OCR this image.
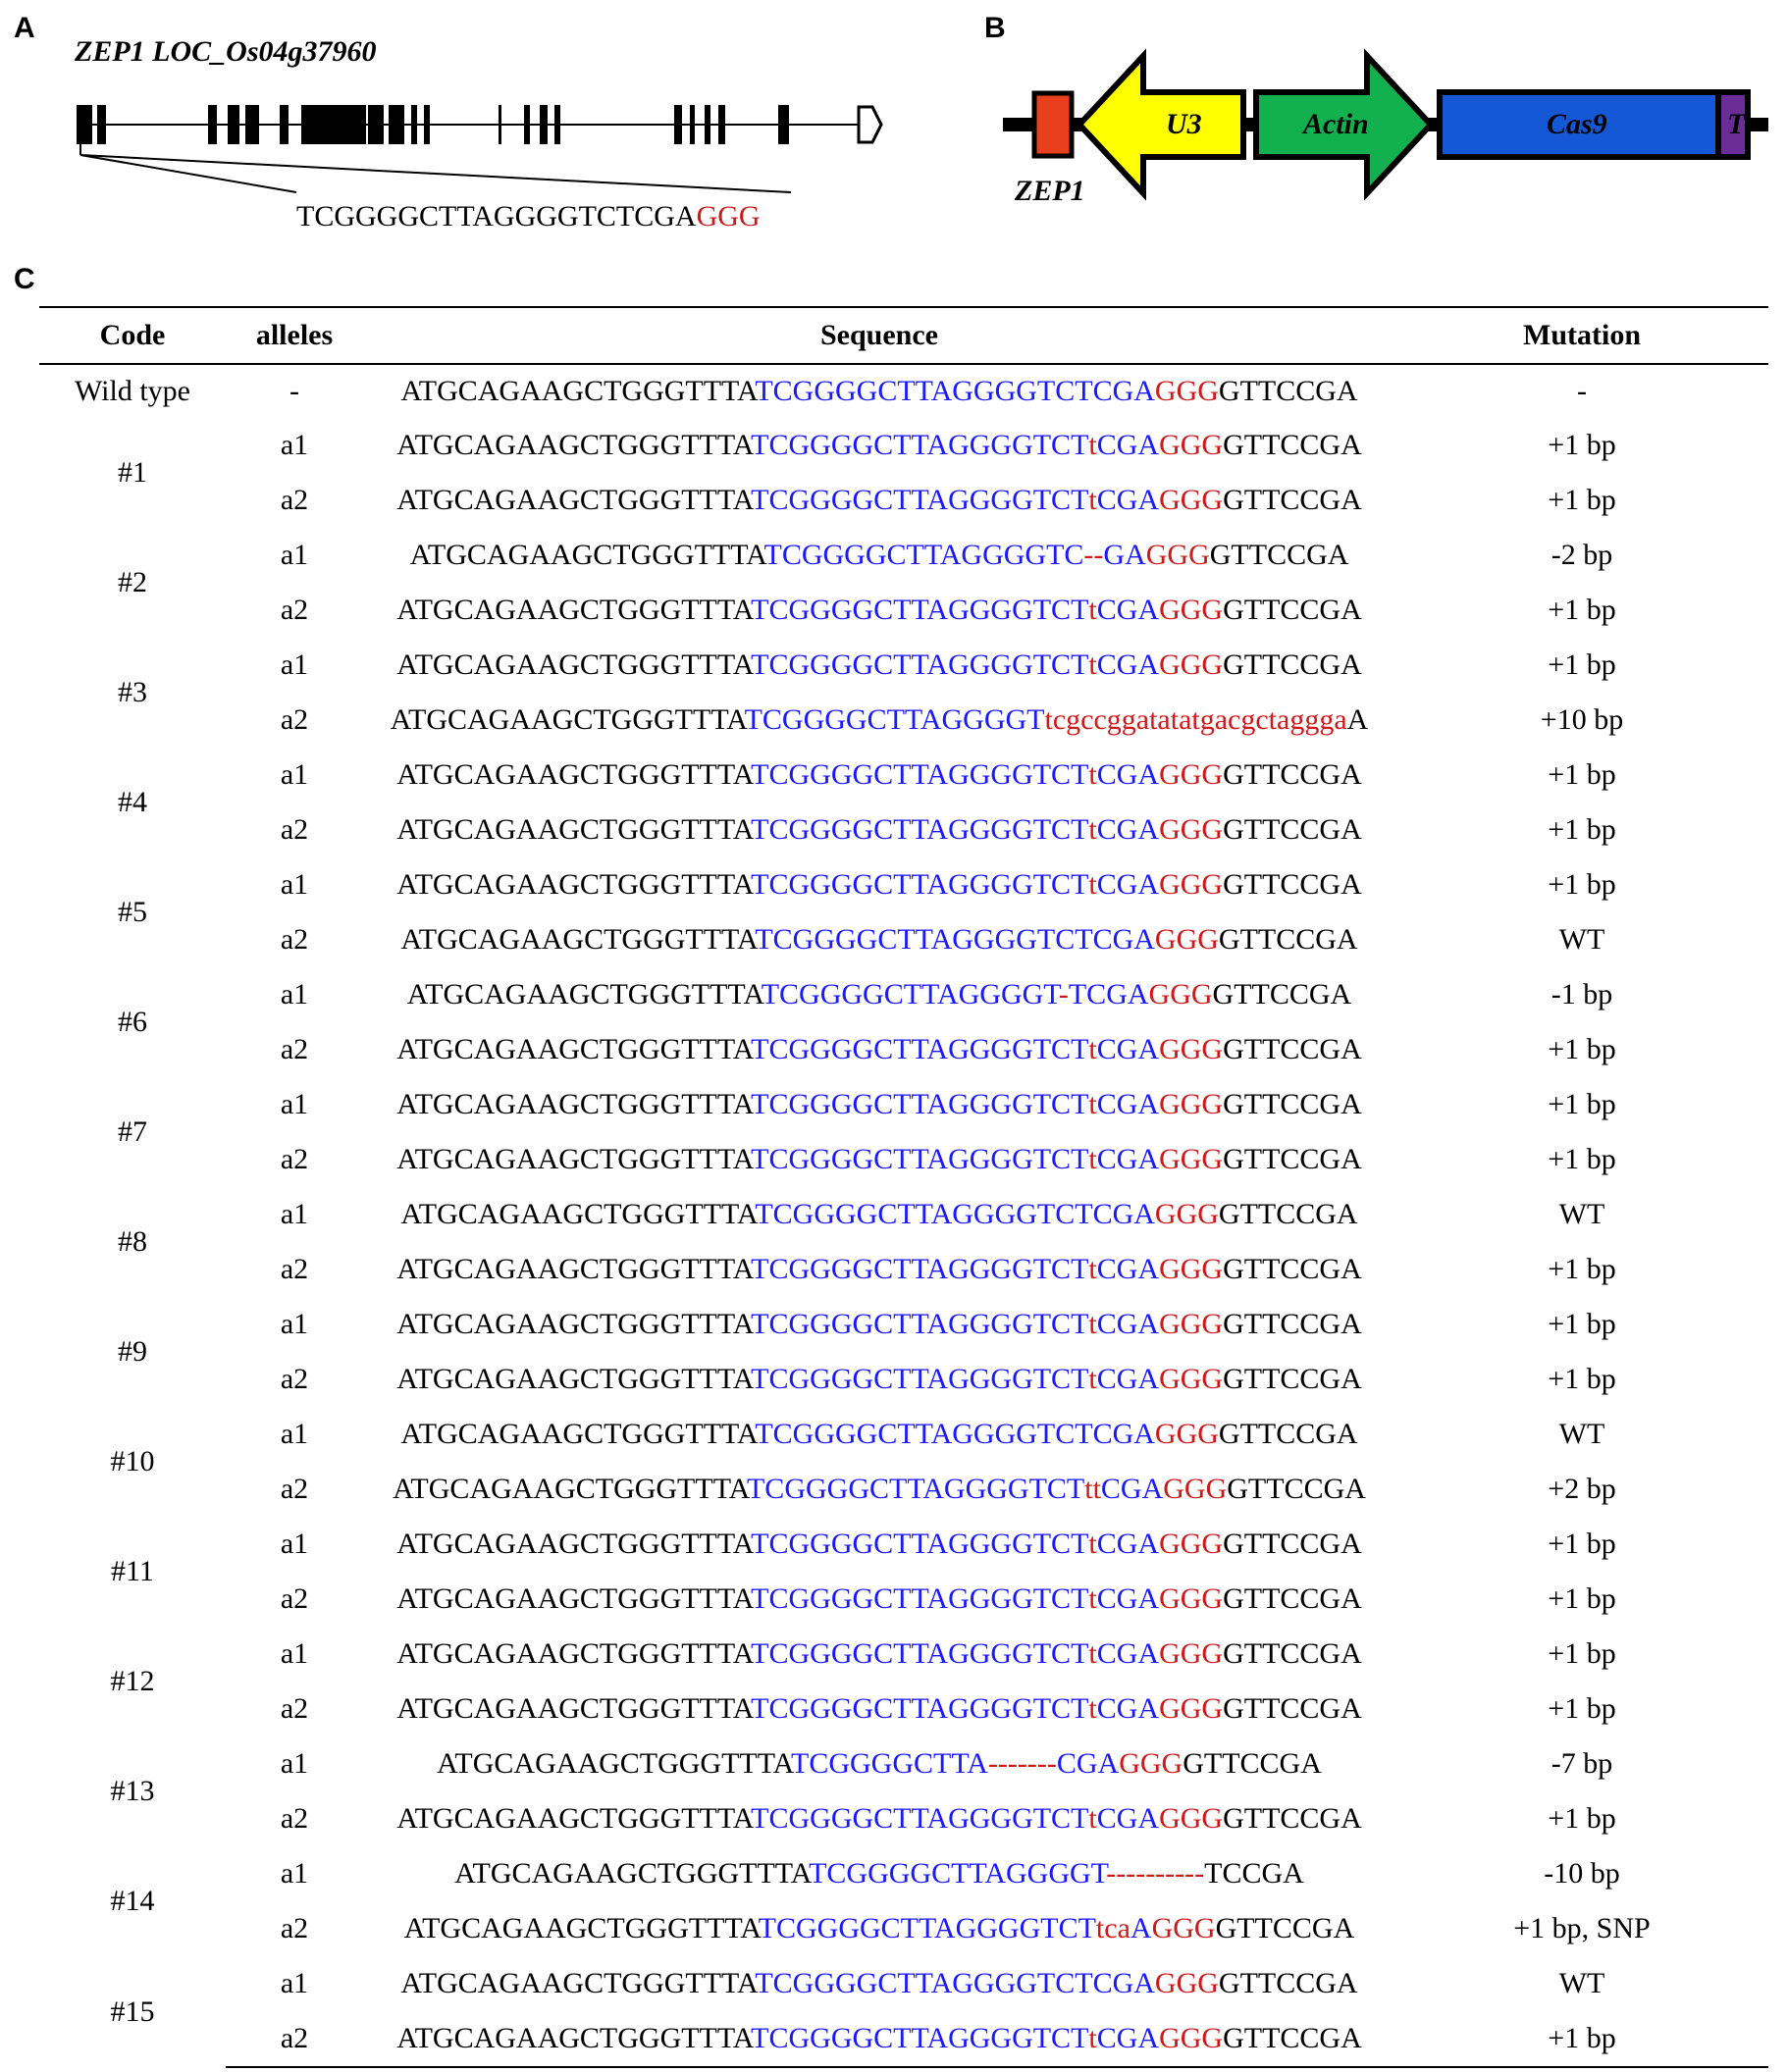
A	B
C
ZEP1 LOC_Os04g37960
ZEP1
U3	Actin	Cas9	T
TCGGGGCTTAGGGGTCTCGAGGG
Code	alleles	Sequence	Mutation
Wild type	-	ATGCAGAAGCTGGGTTTATCGGGGCTTAGGGGTCTCGAGGGGTTCCGA	-
#1	a1	ATGCAGAAGCTGGGTTTATCGGGGCTTAGGGGTCTtCGAGGGGTTCCGA	+1 bp
	a2	ATGCAGAAGCTGGGTTTATCGGGGCTTAGGGGTCTtCGAGGGGTTCCGA	+1 bp
#2	a1	ATGCAGAAGCTGGGTTTATCGGGGCTTAGGGGTC--GAGGGGTTCCGA	-2 bp
	a2	ATGCAGAAGCTGGGTTTATCGGGGCTTAGGGGTCTtCGAGGGGTTCCGA	+1 bp
#3	a1	ATGCAGAAGCTGGGTTTATCGGGGCTTAGGGGTCTtCGAGGGGTTCCGA	+1 bp
	a2	ATGCAGAAGCTGGGTTTATCGGGGCTTAGGGGTtcgccggatatatgacgctagggaA	+10 bp
#4	a1	ATGCAGAAGCTGGGTTTATCGGGGCTTAGGGGTCTtCGAGGGGTTCCGA	+1 bp
	a2	ATGCAGAAGCTGGGTTTATCGGGGCTTAGGGGTCTtCGAGGGGTTCCGA	+1 bp
#5	a1	ATGCAGAAGCTGGGTTTATCGGGGCTTAGGGGTCTtCGAGGGGTTCCGA	+1 bp
	a2	ATGCAGAAGCTGGGTTTATCGGGGCTTAGGGGTCTCGAGGGGTTCCGA	WT
#6	a1	ATGCAGAAGCTGGGTTTATCGGGGCTTAGGGGT-TCGAGGGGTTCCGA	-1 bp
	a2	ATGCAGAAGCTGGGTTTATCGGGGCTTAGGGGTCTtCGAGGGGTTCCGA	+1 bp
#7	a1	ATGCAGAAGCTGGGTTTATCGGGGCTTAGGGGTCTtCGAGGGGTTCCGA	+1 bp
	a2	ATGCAGAAGCTGGGTTTATCGGGGCTTAGGGGTCTtCGAGGGGTTCCGA	+1 bp
#8	a1	ATGCAGAAGCTGGGTTTATCGGGGCTTAGGGGTCTCGAGGGGTTCCGA	WT
	a2	ATGCAGAAGCTGGGTTTATCGGGGCTTAGGGGTCTtCGAGGGGTTCCGA	+1 bp
#9	a1	ATGCAGAAGCTGGGTTTATCGGGGCTTAGGGGTCTtCGAGGGGTTCCGA	+1 bp
	a2	ATGCAGAAGCTGGGTTTATCGGGGCTTAGGGGTCTtCGAGGGGTTCCGA	+1 bp
#10	a1	ATGCAGAAGCTGGGTTTATCGGGGCTTAGGGGTCTCGAGGGGTTCCGA	WT
	a2	ATGCAGAAGCTGGGTTTATCGGGGCTTAGGGGTCTttCGAGGGGTTCCGA	+2 bp
#11	a1	ATGCAGAAGCTGGGTTTATCGGGGCTTAGGGGTCTtCGAGGGGTTCCGA	+1 bp
	a2	ATGCAGAAGCTGGGTTTATCGGGGCTTAGGGGTCTtCGAGGGGTTCCGA	+1 bp
#12	a1	ATGCAGAAGCTGGGTTTATCGGGGCTTAGGGGTCTtCGAGGGGTTCCGA	+1 bp
	a2	ATGCAGAAGCTGGGTTTATCGGGGCTTAGGGGTCTtCGAGGGGTTCCGA	+1 bp
#13	a1	ATGCAGAAGCTGGGTTTATCGGGGCTTA-------CGAGGGGTTCCGA	-7 bp
	a2	ATGCAGAAGCTGGGTTTATCGGGGCTTAGGGGTCTtCGAGGGGTTCCGA	+1 bp
#14	a1	ATGCAGAAGCTGGGTTTATCGGGGCTTAGGGGT----------TCCGA	-10 bp
	a2	ATGCAGAAGCTGGGTTTATCGGGGCTTAGGGGTCTtcaAGGGGTTCCGA	+1 bp, SNP
#15	a1	ATGCAGAAGCTGGGTTTATCGGGGCTTAGGGGTCTCGAGGGGTTCCGA	WT
	a2	ATGCAGAAGCTGGGTTTATCGGGGCTTAGGGGTCTtCGAGGGGTTCCGA	+1 bp
